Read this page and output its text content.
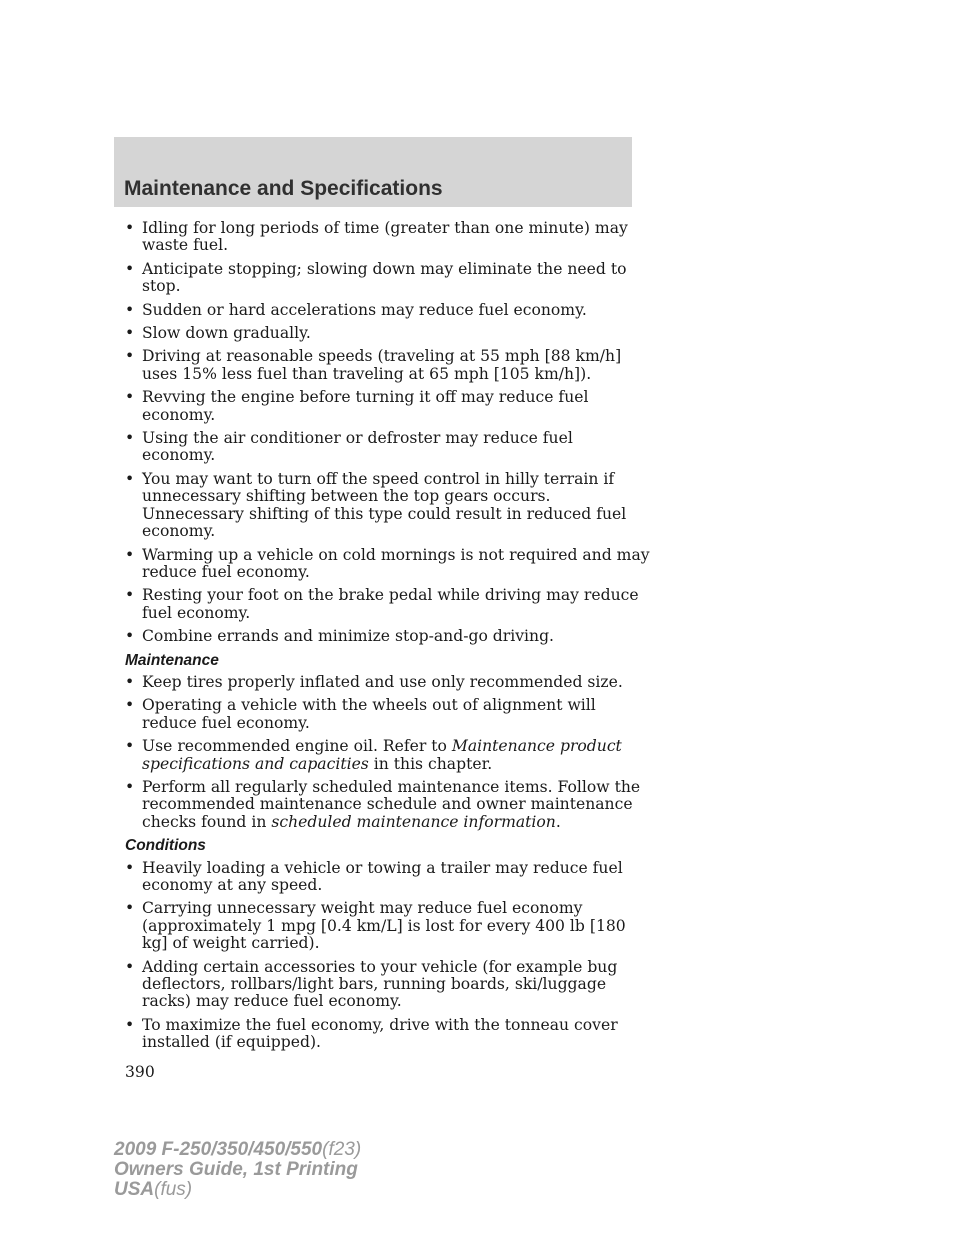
Maintenance and Specifications
• Idling for long periods of time (greater than one minute) may waste fuel.
• Anticipate stopping; slowing down may eliminate the need to stop.
• Sudden or hard accelerations may reduce fuel economy.
• Slow down gradually.
• Driving at reasonable speeds (traveling at 55 mph [88 km/h] uses 15% less fuel than traveling at 65 mph [105 km/h]).
• Revving the engine before turning it off may reduce fuel economy.
• Using the air conditioner or defroster may reduce fuel economy.
• You may want to turn off the speed control in hilly terrain if unnecessary shifting between the top gears occurs. Unnecessary shifting of this type could result in reduced fuel economy.
• Warming up a vehicle on cold mornings is not required and may reduce fuel economy.
• Resting your foot on the brake pedal while driving may reduce fuel economy.
• Combine errands and minimize stop-and-go driving.
Maintenance
• Keep tires properly inflated and use only recommended size.
• Operating a vehicle with the wheels out of alignment will reduce fuel economy.
• Use recommended engine oil. Refer to Maintenance product specifications and capacities in this chapter.
• Perform all regularly scheduled maintenance items. Follow the recommended maintenance schedule and owner maintenance checks found in scheduled maintenance information.
Conditions
• Heavily loading a vehicle or towing a trailer may reduce fuel economy at any speed.
• Carrying unnecessary weight may reduce fuel economy (approximately 1 mpg [0.4 km/L] is lost for every 400 lb [180 kg] of weight carried).
• Adding certain accessories to your vehicle (for example bug deflectors, rollbars/light bars, running boards, ski/luggage racks) may reduce fuel economy.
• To maximize the fuel economy, drive with the tonneau cover installed (if equipped).
390
2009 F-250/350/450/550(f23)
Owners Guide, 1st Printing
USA(fus)
